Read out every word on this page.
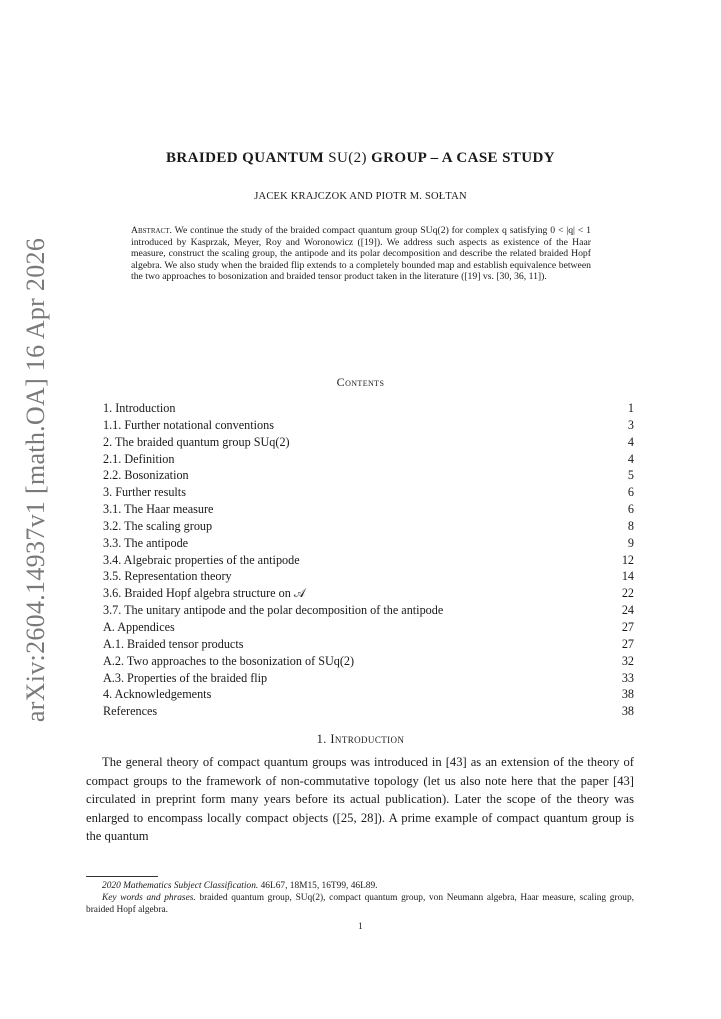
arXiv:2604.14937v1 [math.OA] 16 Apr 2026
BRAIDED QUANTUM SU(2) GROUP – A CASE STUDY
JACEK KRAJCZOK AND PIOTR M. SOŁTAN
Abstract. We continue the study of the braided compact quantum group SUq(2) for complex q satisfying 0 < |q| < 1 introduced by Kasprzak, Meyer, Roy and Woronowicz ([19]). We address such aspects as existence of the Haar measure, construct the scaling group, the antipode and its polar decomposition and describe the related braided Hopf algebra. We also study when the braided flip extends to a completely bounded map and establish equivalence between the two approaches to bosonization and braided tensor product taken in the literature ([19] vs. [30, 36, 11]).
Contents
1. Introduction	1
1.1. Further notational conventions	3
2. The braided quantum group SUq(2)	4
2.1. Definition	4
2.2. Bosonization	5
3. Further results	6
3.1. The Haar measure	6
3.2. The scaling group	8
3.3. The antipode	9
3.4. Algebraic properties of the antipode	12
3.5. Representation theory	14
3.6. Braided Hopf algebra structure on 𝒜	22
3.7. The unitary antipode and the polar decomposition of the antipode	24
A. Appendices	27
A.1. Braided tensor products	27
A.2. Two approaches to the bosonization of SUq(2)	32
A.3. Properties of the braided flip	33
4. Acknowledgements	38
References	38
1. Introduction
The general theory of compact quantum groups was introduced in [43] as an extension of the theory of compact groups to the framework of non-commutative topology (let us also note here that the paper [43] circulated in preprint form many years before its actual publication). Later the scope of the theory was enlarged to encompass locally compact objects ([25, 28]). A prime example of compact quantum group is the quantum
2020 Mathematics Subject Classification. 46L67, 18M15, 16T99, 46L89.
Key words and phrases. braided quantum group, SUq(2), compact quantum group, von Neumann algebra, Haar measure, scaling group, braided Hopf algebra.
1
